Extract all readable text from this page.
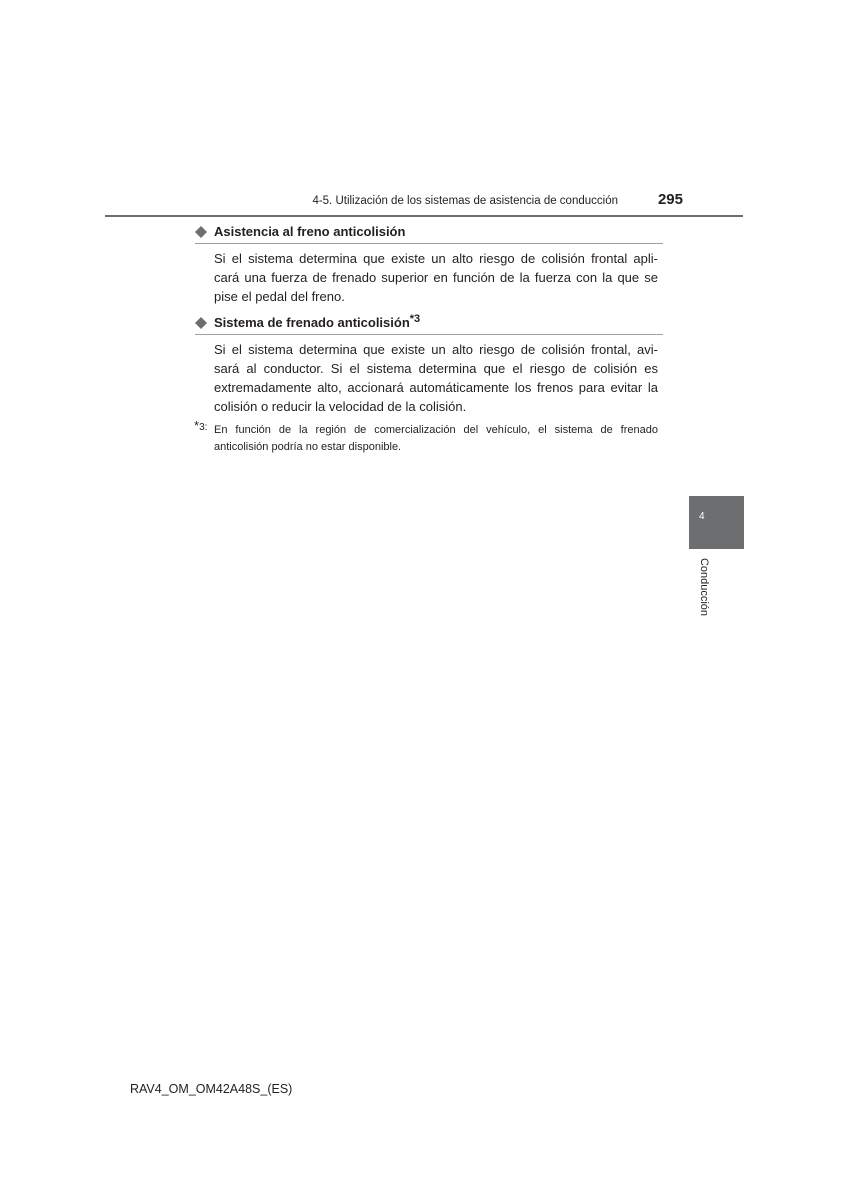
4-5. Utilización de los sistemas de asistencia de conducción	295
Asistencia al freno anticolisión
Si el sistema determina que existe un alto riesgo de colisión frontal apli-
cará una fuerza de frenado superior en función de la fuerza con la que se
pise el pedal del freno.
Sistema de frenado anticolisión$^{*3}$
Si el sistema determina que existe un alto riesgo de colisión frontal, avi-
sará al conductor. Si el sistema determina que el riesgo de colisión es
extremadamente alto, accionará automáticamente los frenos para evitar la
colisión o reducir la velocidad de la colisión.
*3: En función de la región de comercialización del vehículo, el sistema de frenado
anticolisión podría no estar disponible.
4
Conducción
RAV4_OM_OM42A48S_(ES)
